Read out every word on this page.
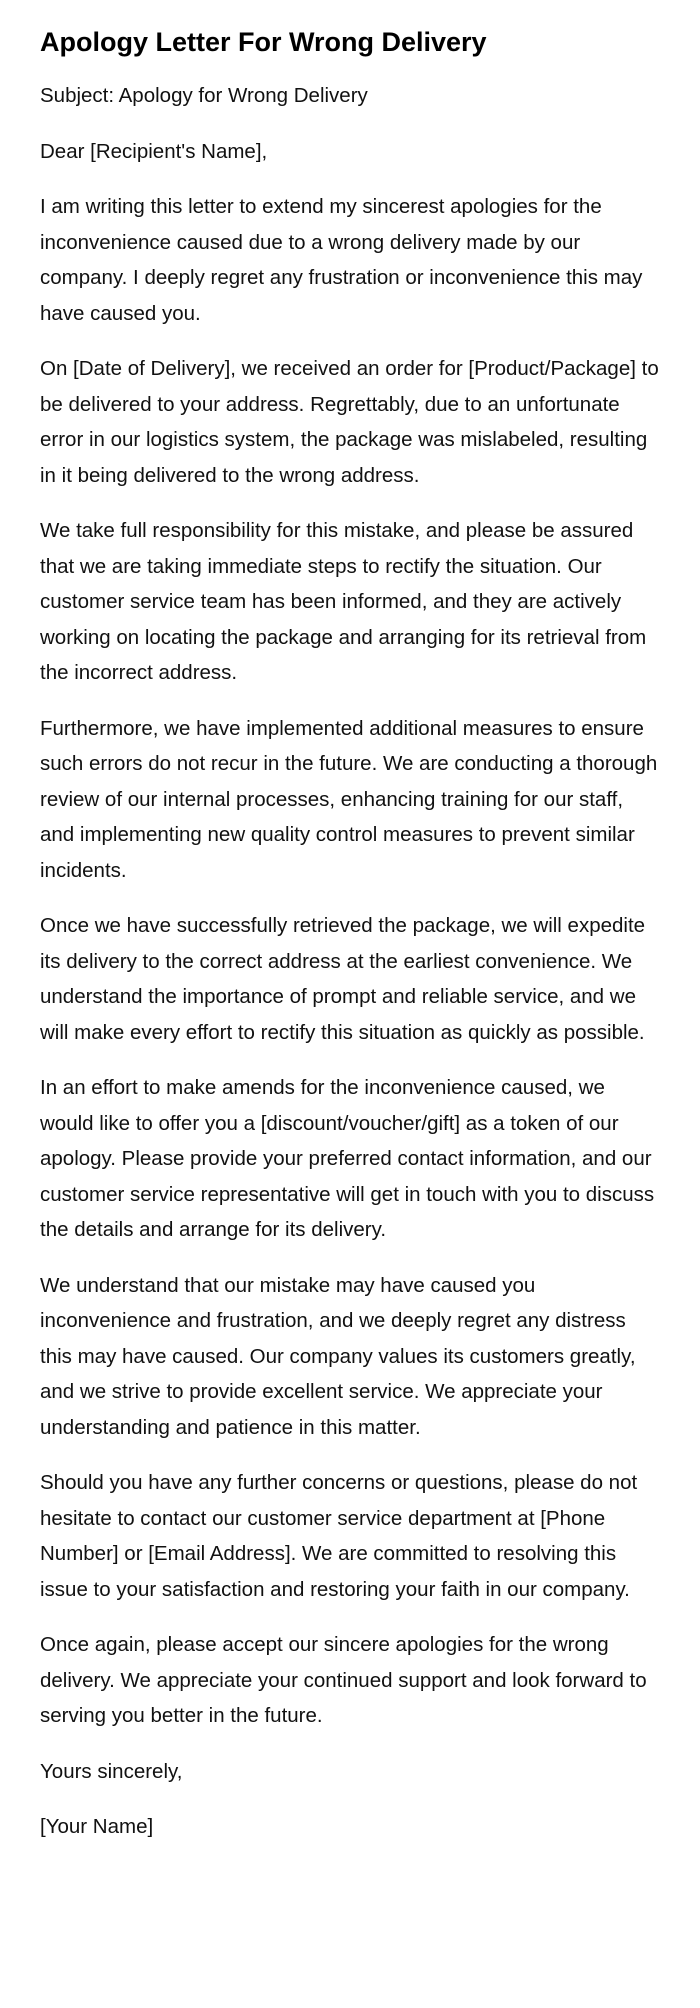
Apology Letter For Wrong Delivery

Subject: Apology for Wrong Delivery

Dear [Recipient's Name],

I am writing this letter to extend my sincerest apologies for the inconvenience caused due to a wrong delivery made by our company. I deeply regret any frustration or inconvenience this may have caused you.

On [Date of Delivery], we received an order for [Product/Package] to be delivered to your address. Regrettably, due to an unfortunate error in our logistics system, the package was mislabeled, resulting in it being delivered to the wrong address.

We take full responsibility for this mistake, and please be assured that we are taking immediate steps to rectify the situation. Our customer service team has been informed, and they are actively working on locating the package and arranging for its retrieval from the incorrect address.

Furthermore, we have implemented additional measures to ensure such errors do not recur in the future. We are conducting a thorough review of our internal processes, enhancing training for our staff, and implementing new quality control measures to prevent similar incidents.

Once we have successfully retrieved the package, we will expedite its delivery to the correct address at the earliest convenience. We understand the importance of prompt and reliable service, and we will make every effort to rectify this situation as quickly as possible.

In an effort to make amends for the inconvenience caused, we would like to offer you a [discount/voucher/gift] as a token of our apology. Please provide your preferred contact information, and our customer service representative will get in touch with you to discuss the details and arrange for its delivery.

We understand that our mistake may have caused you inconvenience and frustration, and we deeply regret any distress this may have caused. Our company values its customers greatly, and we strive to provide excellent service. We appreciate your understanding and patience in this matter.

Should you have any further concerns or questions, please do not hesitate to contact our customer service department at [Phone Number] or [Email Address]. We are committed to resolving this issue to your satisfaction and restoring your faith in our company.

Once again, please accept our sincere apologies for the wrong delivery. We appreciate your continued support and look forward to serving you better in the future.

Yours sincerely,

[Your Name]
